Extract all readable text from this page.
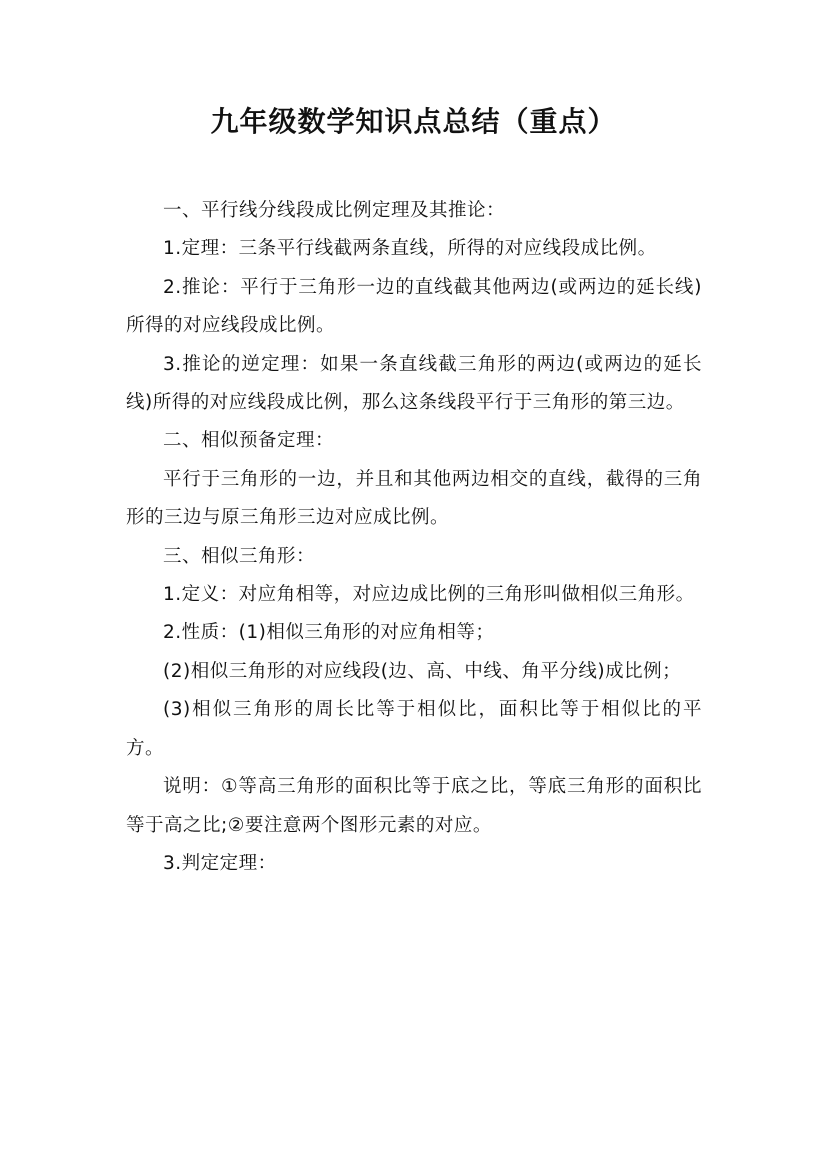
九年级数学知识点总结（重点）

一、平行线分线段成比例定理及其推论：

1.定理：三条平行线截两条直线，所得的对应线段成比例。

2.推论：平行于三角形一边的直线截其他两边(或两边的延长线)所得的对应线段成比例。

3.推论的逆定理：如果一条直线截三角形的两边(或两边的延长线)所得的对应线段成比例，那么这条线段平行于三角形的第三边。

二、相似预备定理：

平行于三角形的一边，并且和其他两边相交的直线，截得的三角形的三边与原三角形三边对应成比例。

三、相似三角形：

1.定义：对应角相等，对应边成比例的三角形叫做相似三角形。

2.性质：(1)相似三角形的对应角相等；

(2)相似三角形的对应线段(边、高、中线、角平分线)成比例；

(3)相似三角形的周长比等于相似比，面积比等于相似比的平方。

说明：①等高三角形的面积比等于底之比，等底三角形的面积比等于高之比;②要注意两个图形元素的对应。

3.判定定理：
